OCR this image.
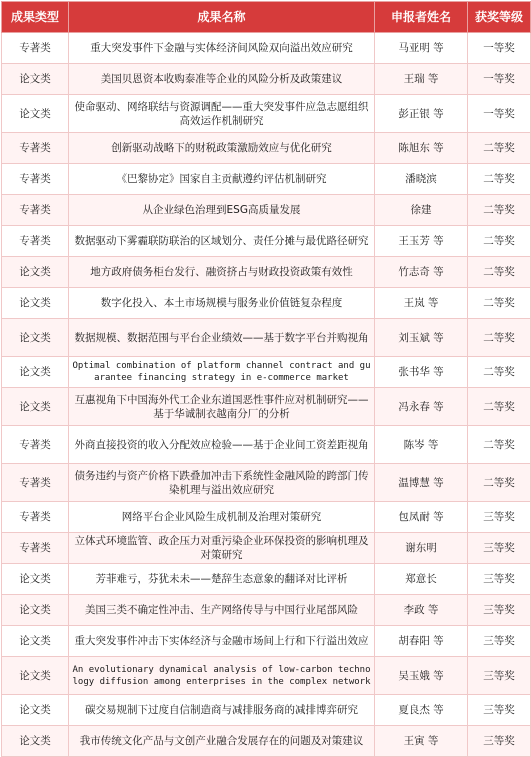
成果类型	成果名称	申报者姓名	获奖等级
专著类	重大突发事件下金融与实体经济间风险双向溢出效应研究	马亚明 等	一等奖
论文类	美国贝恩资本收购泰准等企业的风险分析及政策建议	王瑞 等	一等奖
论文类	使命驱动、网络联结与资源调配——重大突发事件应急志愿组织高效运作机制研究	彭正银 等	一等奖
专著类	创新驱动战略下的财税政策激励效应与优化研究	陈旭东 等	二等奖
专著类	《巴黎协定》国家自主贡献遵约评估机制研究	潘晓滨	二等奖
专著类	从企业绿色治理到ESG高质量发展	徐建	二等奖
专著类	数据驱动下雾霾联防联治的区域划分、责任分摊与最优路径研究	王玉芳 等	二等奖
论文类	地方政府债务柜台发行、融资挤占与财政投资政策有效性	竹志奇 等	二等奖
论文类	数字化投入、本土市场规模与服务业价值链复杂程度	王岚 等	二等奖
论文类	数据规模、数据范围与平台企业绩效——基于数字平台并购视角	刘玉斌 等	二等奖
论文类	Optimal combination of platform channel contract and guarantee financing strategy in e-commerce market	张书华 等	二等奖
论文类	互惠视角下中国海外代工企业东道国恶性事件应对机制研究——基于华诚制衣越南分厂的分析	冯永春 等	二等奖
专著类	外商直接投资的收入分配效应检验——基于企业间工资差距视角	陈岑 等	二等奖
专著类	债务违约与资产价格下跌叠加冲击下系统性金融风险的跨部门传染机理与溢出效应研究	温博慧 等	二等奖
专著类	网络平台企业风险生成机制及治理对策研究	包凤耐 等	三等奖
专著类	立体式环境监管、政企压力对重污染企业环保投资的影响机理及对策研究	谢东明	三等奖
论文类	芳菲难亏，芬犹未未——楚辞生态意象的翻译对比评析	郑意长	三等奖
论文类	美国三类不确定性冲击、生产网络传导与中国行业尾部风险	李政 等	三等奖
论文类	重大突发事件冲击下实体经济与金融市场间上行和下行溢出效应	胡春阳 等	三等奖
论文类	An evolutionary dynamical analysis of low-carbon technology diffusion among enterprises in the complex network	吴玉娥 等	三等奖
论文类	碳交易规制下过度自信制造商与减排服务商的减排博弈研究	夏良杰 等	三等奖
论文类	我市传统文化产品与文创产业融合发展存在的问题及对策建议	王寅 等	三等奖
